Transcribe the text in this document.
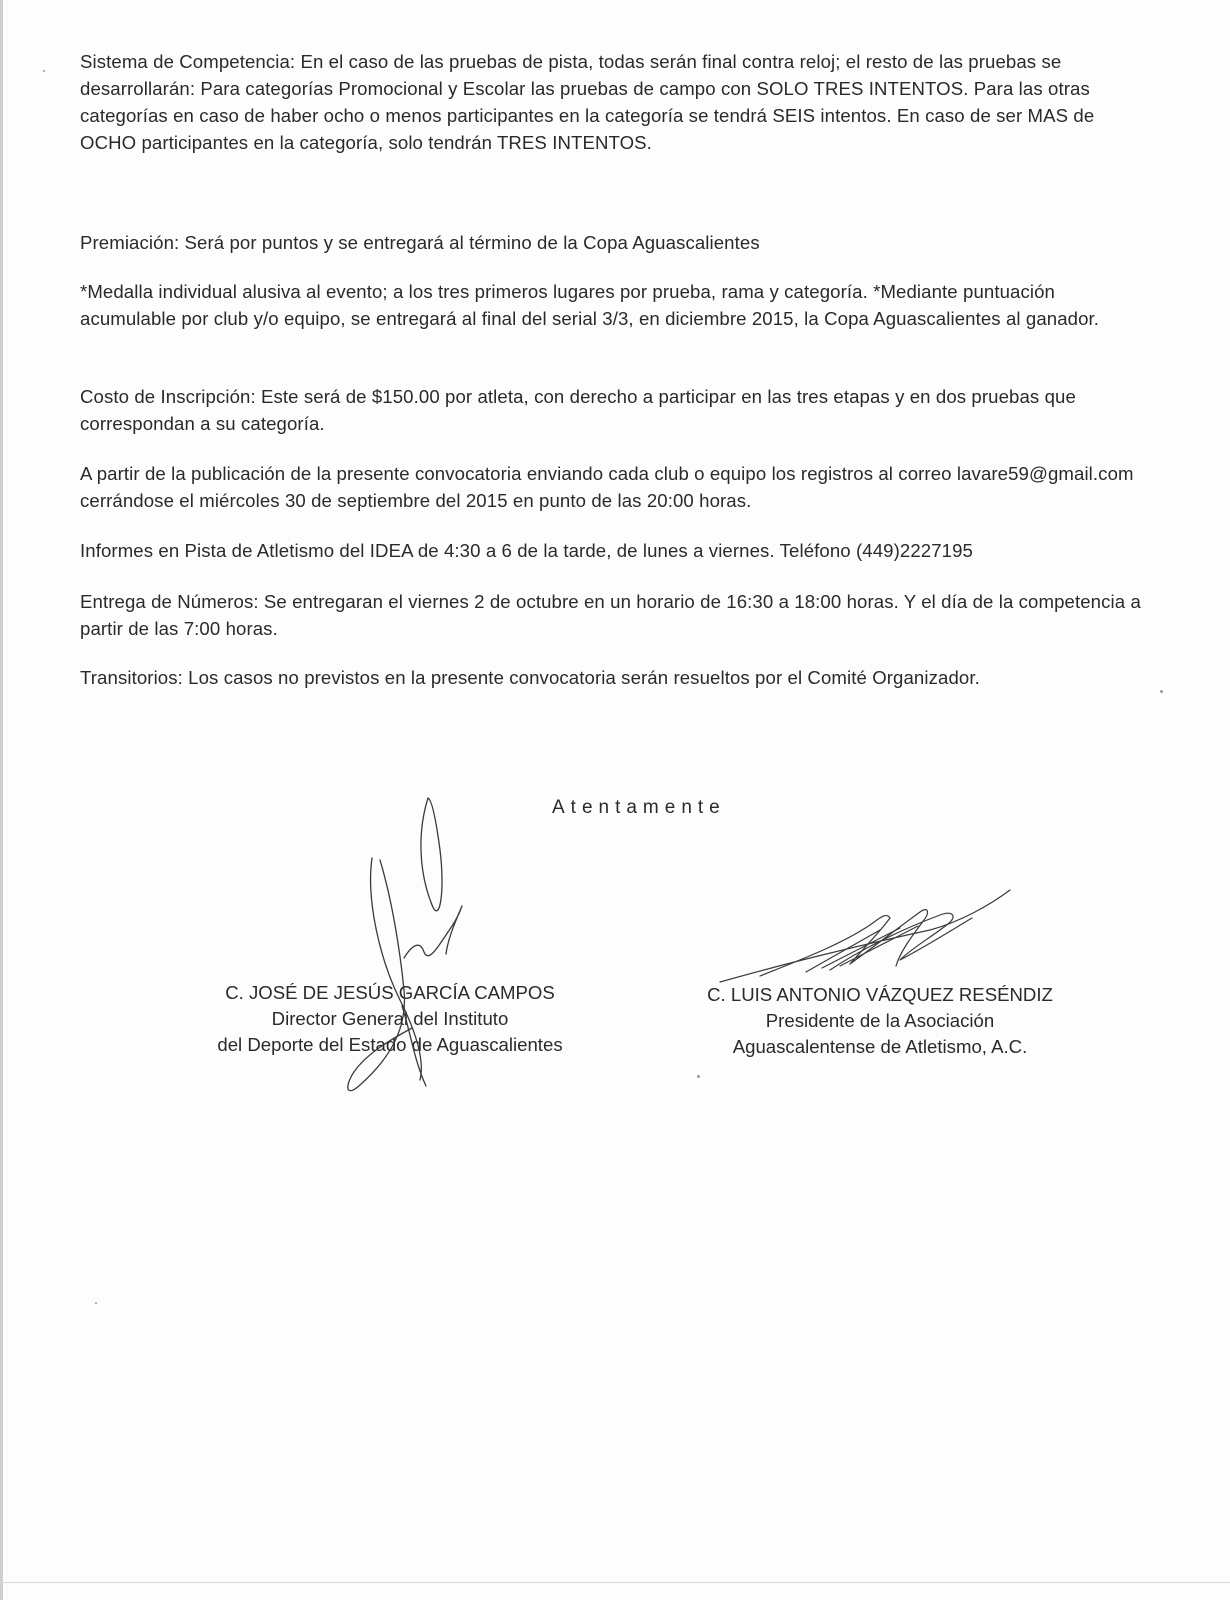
Sistema de Competencia: En el caso de las pruebas de pista, todas serán final contra reloj; el resto de las pruebas se desarrollarán: Para categorías Promocional y Escolar las pruebas de campo con SOLO TRES INTENTOS. Para las otras categorías en caso de haber ocho o menos participantes en la categoría se tendrá SEIS intentos. En caso de ser MAS de OCHO participantes en la categoría, solo tendrán TRES INTENTOS.

Premiación: Será por puntos y se entregará al término de la Copa Aguascalientes

*Medalla individual alusiva al evento; a los tres primeros lugares por prueba, rama y categoría. *Mediante puntuación acumulable por club y/o equipo, se entregará al final del serial 3/3, en diciembre 2015, la Copa Aguascalientes al ganador.

Costo de Inscripción: Este será de $150.00 por atleta, con derecho a participar en las tres etapas y en dos pruebas que correspondan a su categoría.

A partir de la publicación de la presente convocatoria enviando cada club o equipo los registros al correo lavare59@gmail.com cerrándose el miércoles 30 de septiembre del 2015 en punto de las 20:00 horas.

Informes en Pista de Atletismo del IDEA de 4:30 a 6 de la tarde, de lunes a viernes. Teléfono (449)2227195

Entrega de Números: Se entregaran el viernes 2 de octubre en un horario de 16:30 a 18:00 horas. Y el día de la competencia a partir de las 7:00 horas.

Transitorios: Los casos no previstos en la presente convocatoria serán resueltos por el Comité Organizador.

Atentamente
C. JOSÉ DE JESÚS GARCÍA CAMPOS
Director General del Instituto
del Deporte del Estado de Aguascalientes
C. LUIS ANTONIO VÁZQUEZ RESÉNDIZ
Presidente de la Asociación
Aguascalentense de Atletismo, A.C.
